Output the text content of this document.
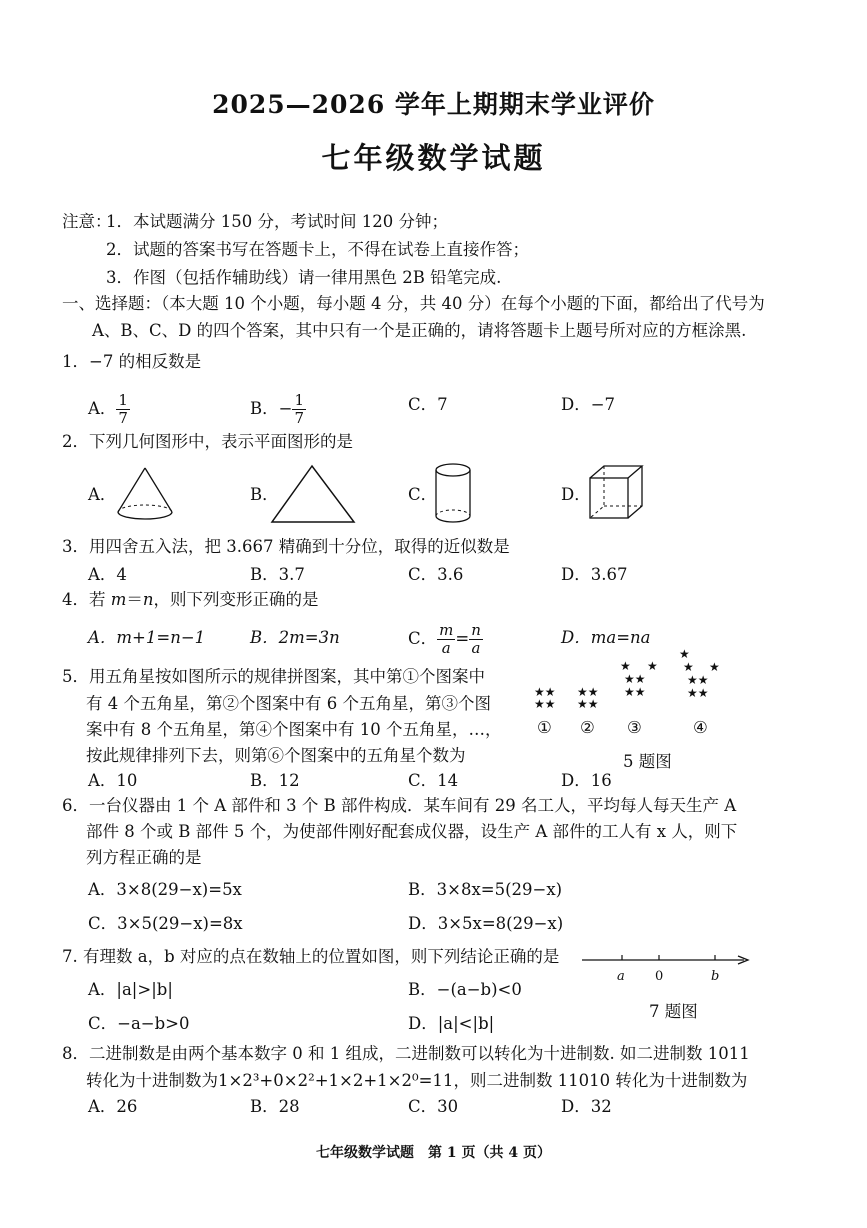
2025—2026 学年上期期末学业评价
七年级数学试题
注意：
1．本试题满分 150 分，考试时间 120 分钟；
2．试题的答案书写在答题卡上，不得在试卷上直接作答；
3．作图（包括作辅助线）请一律用黑色 2B 铅笔完成.
一、选择题：（本大题 10 个小题，每小题 4 分，共 40 分）在每个小题的下面，都给出了代号为
A、B、C、D 的四个答案，其中只有一个是正确的，请将答题卡上题号所对应的方框涂黑.
1．−7 的相反数是
A． $\frac{1}{7}$	B．− $\frac{1}{7}$	C．7	D．−7
2．下列几何图形中，表示平面图形的是
A．	B．	C．	D．
3．用四舍五入法，把 3.667 精确到十分位，取得的近似数是
A．4	B．3.7	C．3.6	D．3.67
4．若 m＝n，则下列变形正确的是
A．m+1=n−1	B．2m=3n	C． $\frac{m}{a} = \frac{n}{a}$	D．ma=na
5．用五角星按如图所示的规律拼图案，其中第①个图案中
有 4 个五角星，第②个图案中有 6 个五角星，第③个图
案中有 8 个五角星，第④个图案中有 10 个五角星，…，
按此规律排列下去，则第⑥个图案中的五角星个数为
A．10	B．12	C．14	D．16
★★
★★
★★
★★
★ ★
★★
★★
★
★ ★
★★
★★
① ② ③	④
5 题图
6．一台仪器由 1 个 A 部件和 3 个 B 部件构成．某车间有 29 名工人，平均每人每天生产 A
部件 8 个或 B 部件 5 个，为使部件刚好配套成仪器，设生产 A 部件的工人有 x 人，则下
列方程正确的是
A．3×8(29−x)=5x	B．3×8x=5(29−x)
C．3×5(29−x)=8x	D．3×5x=8(29−x)
7. 有理数 a，b 对应的点在数轴上的位置如图，则下列结论正确的是
A．|a|>|b|	B．−(a−b)<0
C．−a−b>0	D．|a|<|b|
a 0	b
7 题图
8．二进制数是由两个基本数字 0 和 1 组成，二进制数可以转化为十进制数. 如二进制数 1011
转化为十进制数为1×2³+0×2²+1×2+1×2⁰=11，则二进制数 11010 转化为十进制数为
A．26	B．28	C．30	D．32
七年级数学试题　第 1 页（共 4 页）
